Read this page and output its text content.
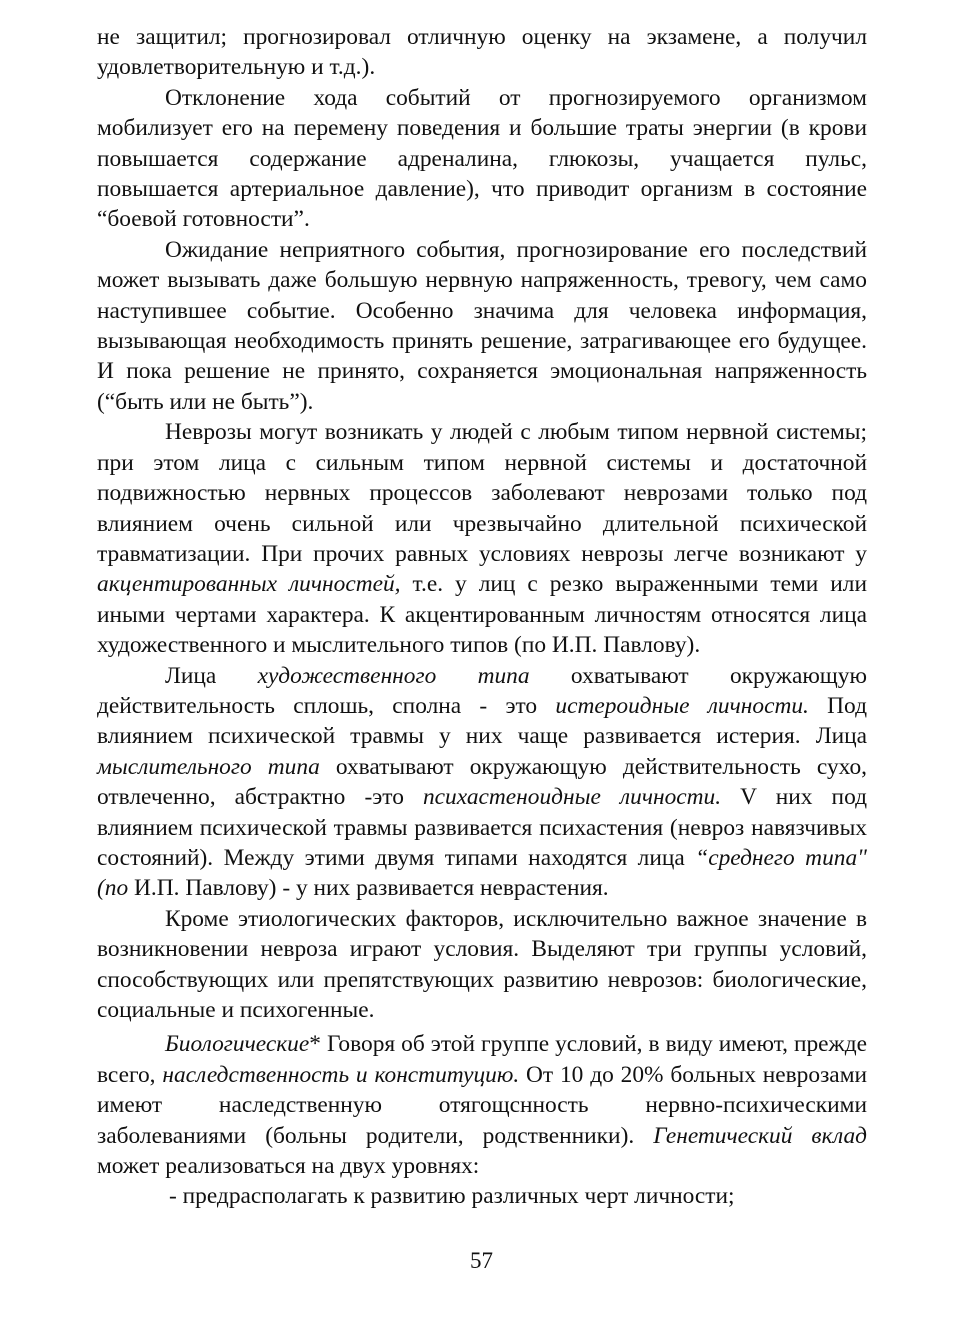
не защитил; прогнозировал отличную оценку на экзамене, а получил удовлетворительную и т.д.).

Отклонение хода событий от прогнозируемого организмом мобилизует его на перемену поведения и большие траты энергии (в крови повышается содержание адреналина, глюкозы, учащается пульс, повышается артериальное давление), что приводит организм в состояние “боевой готовности”.

Ожидание неприятного события, прогнозирование его последствий может вызывать даже большую нервную напряженность, тревогу, чем само наступившее событие. Особенно значима для человека информация, вызывающая необходимость принять решение, затрагивающее его будущее. И пока решение не принято, сохраняется эмоциональная напряженность (“быть или не быть”).

Неврозы могут возникать у людей с любым типом нервной системы; при этом лица с сильным типом нервной системы и достаточной подвижностью нервных процессов заболевают неврозами только под влиянием очень сильной или чрезвычайно длительной психической травматизации. При прочих равных условиях неврозы легче возникают у акцентированных личностей, т.е. у лиц с резко выраженными теми или иными чертами характера. К акцентированным личностям относятся лица художественного и мыслительного типов (по И.П. Павлову).

Лица художественного типа охватывают окружающую действительность сплошь, сполна - это истероидные личности. Под влиянием психической травмы у них чаще развивается истерия. Лица мыслительного типа охватывают окружающую действительность сухо, отвлеченно, абстрактно -это психастеноидные личности. V них под влиянием психической травмы развивается психастения (невроз навязчивых состояний). Между этими двумя типами находятся лица “среднего типа" (по И.П. Павлову) - у них развивается неврастения.

Кроме этиологических факторов, исключительно важное значение в возникновении невроза играют условия. Выделяют три группы условий, способствующих или препятствующих развитию неврозов: биологические, социальные и психогенные.

Биологические* Говоря об этой группе условий, в виду имеют, прежде всего, наследственность и конституцию. От 10 до 20% больных неврозами имеют наследственную отягощснность нервно-психическими заболеваниями (больны родители, родственники). Генетический вклад может реализоваться на двух уровнях:

- предрасполагать к развитию различных черт личности;

57
